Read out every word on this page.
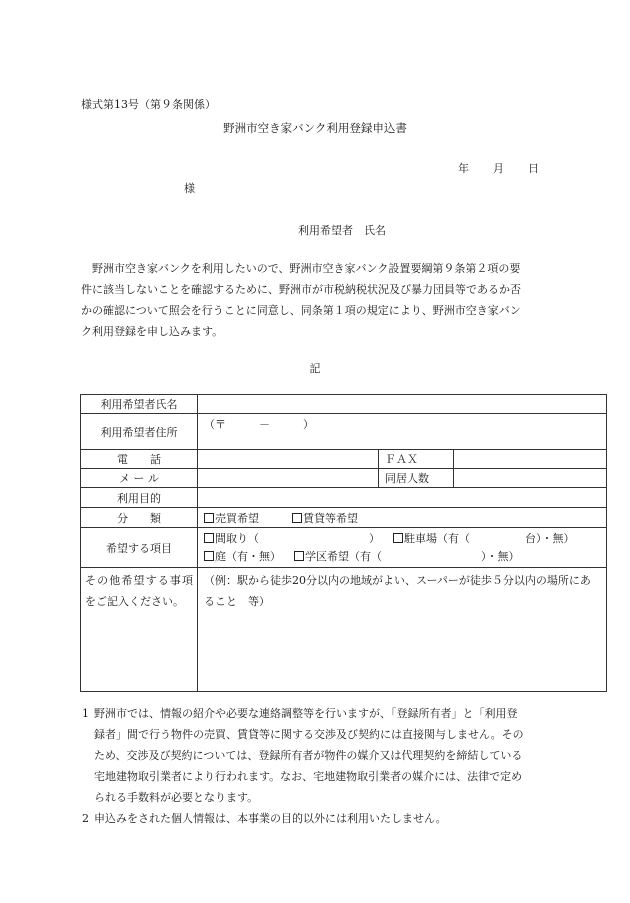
様式第13号（第９条関係）
野洲市空き家バンク利用登録申込書
年 月 日
様
利用希望者　氏名
　野洲市空き家バンクを利用したいので、野洲市空き家バンク設置要綱第９条第２項の要
件に該当しないことを確認するために、野洲市が市税納税状況及び暴力団員等であるか否
かの確認について照会を行うことに同意し、同条第１項の規定により、野洲市空き家バン
ク利用登録を申し込みます。
記
利用希望者氏名			
利用希望者住所	（〒　　　－　　　）		
電　　話		ＦＡＸ	
メ ー ル		同居人数	
利用目的			
分　　類	売買希望 賃貸等希望		
希望する項目	間取り（　　　　　　　　　　） 駐車場（有（　　　　　台）・無）
庭（有・無） 学区希望（有（　　　　　　　　　）・無）		

その他希望する事項をご記入ください。	（例：駅から徒歩20分以内の地域がよい、スーパーが徒歩５分以内の場所にあること　等）		
1 野洲市では、情報の紹介や必要な連絡調整等を行いますが、「登録所有者」と「利用登
録者」間で行う物件の売買、賃貸等に関する交渉及び契約には直接関与しません。その
ため、交渉及び契約については、登録所有者が物件の媒介又は代理契約を締結している
宅地建物取引業者により行われます。なお、宅地建物取引業者の媒介には、法律で定め
られる手数料が必要となります。
2 申込みをされた個人情報は、本事業の目的以外には利用いたしません。
